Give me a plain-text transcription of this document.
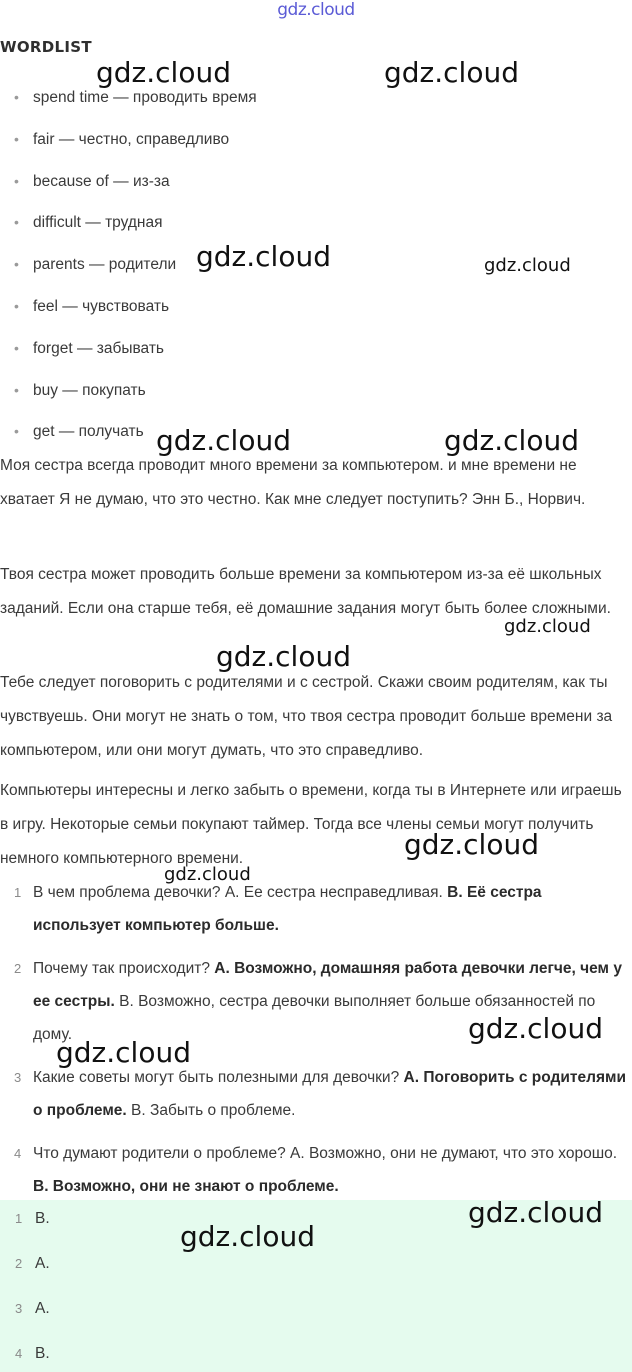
gdz.cloud
WORDLIST
• spend time — проводить время
• fair — честно, справедливо
• because of — из-за
• difficult — трудная
• parents — родители
• feel — чувствовать
• forget — забывать
• buy — покупать
• get — получать

Моя сестра всегда проводит много времени за компьютером. и мне времени не хватает Я не думаю, что это честно. Как мне следует поступить? Энн Б., Норвич.

Твоя сестра может проводить больше времени за компьютером из-за её школьных заданий. Если она старше тебя, её домашние задания могут быть более сложными.

Тебе следует поговорить с родителями и с сестрой. Скажи своим родителям, как ты чувствуешь. Они могут не знать о том, что твоя сестра проводит больше времени за компьютером, или они могут думать, что это справедливо.

Компьютеры интересны и легко забыть о времени, когда ты в Интернете или играешь в игру. Некоторые семьи покупают таймер. Тогда все члены семьи могут получить немного компьютерного времени.

1 В чем проблема девочки? А. Ее сестра несправедливая. В. Её сестра использует компьютер больше.
2 Почему так происходит? А. Возможно, домашняя работа девочки легче, чем у ее сестры. В. Возможно, сестра девочки выполняет больше обязанностей по дому.
3 Какие советы могут быть полезными для девочки? А. Поговорить с родителями о проблеме. В. Забыть о проблеме.
4 Что думают родители о проблеме? А. Возможно, они не думают, что это хорошо. В. Возможно, они не знают о проблеме.
1 В.
2 А.
3 А.
4 В.
gdz.cloud	gdz.cloud
gdz.cloud	gdz.cloud
gdz.cloud	gdz.cloud
gdz.cloud
gdz.cloud
gdz.cloud
gdz.cloud
gdz.cloud
gdz.cloud
gdz.cloud
gdz.cloud
